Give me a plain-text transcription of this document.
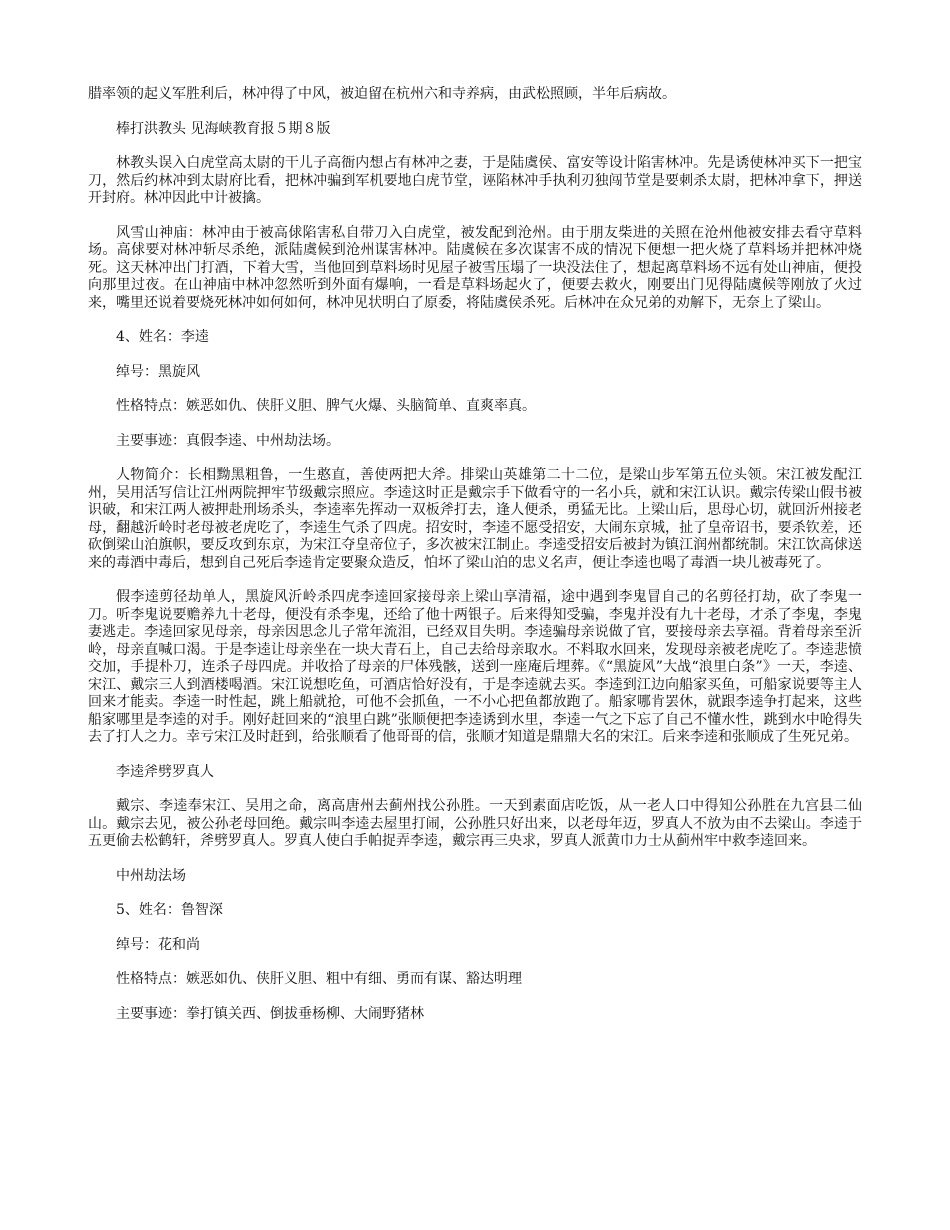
腊率领的起义军胜利后，林冲得了中风，被迫留在杭州六和寺养病，由武松照顾，半年后病故。

棒打洪教头 见海峡教育报５期８版

林教头误入白虎堂高太尉的干儿子高衙内想占有林冲之妻，于是陆虞侯、富安等设计陷害林冲。先是诱使林冲买下一把宝刀，然后约林冲到太尉府比看，把林冲骗到军机要地白虎节堂，诬陷林冲手执利刃独闯节堂是要刺杀太尉，把林冲拿下，押送开封府。林冲因此中计被擒。

风雪山神庙：林冲由于被高俅陷害私自带刀入白虎堂，被发配到沧州。由于朋友柴进的关照在沧州他被安排去看守草料场。高俅要对林冲斩尽杀绝，派陆虞候到沧州谋害林冲。陆虞候在多次谋害不成的情况下便想一把火烧了草料场并把林冲烧死。这天林冲出门打酒，下着大雪，当他回到草料场时见屋子被雪压塌了一块没法住了，想起离草料场不远有处山神庙，便投向那里过夜。在山神庙中林冲忽然听到外面有爆响，一看是草料场起火了，便要去救火，刚要出门见得陆虞候等刚放了火过来，嘴里还说着要烧死林冲如何如何，林冲见状明白了原委，将陆虞侯杀死。后林冲在众兄弟的劝解下，无奈上了梁山。

4、姓名：李逵

绰号：黑旋风

性格特点：嫉恶如仇、侠肝义胆、脾气火爆、头脑简单、直爽率真。

主要事迹：真假李逵、中州劫法场。

人物简介：长相黝黑粗鲁，一生憨直，善使两把大斧。排梁山英雄第二十二位，是梁山步军第五位头领。宋江被发配江州，吴用活写信让江州两院押牢节级戴宗照应。李逵这时正是戴宗手下做看守的一名小兵，就和宋江认识。戴宗传梁山假书被识破，和宋江两人被押赴刑场杀头，李逵率先挥动一双板斧打去，逢人便杀，勇猛无比。上梁山后，思母心切，就回沂州接老母，翻越沂岭时老母被老虎吃了，李逵生气杀了四虎。招安时，李逵不愿受招安，大闹东京城，扯了皇帝诏书，要杀钦差，还砍倒梁山泊旗帜，要反攻到东京，为宋江夺皇帝位子，多次被宋江制止。李逵受招安后被封为镇江润州都统制。宋江饮高俅送来的毒酒中毒后，想到自己死后李逵肯定要聚众造反，怕坏了梁山泊的忠义名声，便让李逵也喝了毒酒一块儿被毒死了。

假李逵剪径劫单人，黑旋风沂岭杀四虎李逵回家接母亲上梁山享清福，途中遇到李鬼冒自己的名剪径打劫，砍了李鬼一刀。听李鬼说要赡养九十老母，便没有杀李鬼，还给了他十两银子。后来得知受骗，李鬼并没有九十老母，才杀了李鬼，李鬼妻逃走。李逵回家见母亲，母亲因思念儿子常年流泪，已经双目失明。李逵骗母亲说做了官，要接母亲去享福。背着母亲至沂岭，母亲直喊口渴。于是李逵让母亲坐在一块大青石上，自己去给母亲取水。不料取水回来，发现母亲被老虎吃了。李逵悲愤交加，手提朴刀，连杀子母四虎。并收拾了母亲的尸体残骸，送到一座庵后埋葬。《“黑旋风”大战“浪里白条”》一天，李逵、宋江、戴宗三人到酒楼喝酒。宋江说想吃鱼，可酒店恰好没有，于是李逵就去买。李逵到江边向船家买鱼，可船家说要等主人回来才能卖。李逵一时性起，跳上船就抢，可他不会抓鱼，一不小心把鱼都放跑了。船家哪肯罢休，就跟李逵争打起来，这些船家哪里是李逵的对手。刚好赶回来的“浪里白跳”张顺便把李逵诱到水里，李逵一气之下忘了自己不懂水性，跳到水中呛得失去了打人之力。幸亏宋江及时赶到，给张顺看了他哥哥的信，张顺才知道是鼎鼎大名的宋江。后来李逵和张顺成了生死兄弟。

李逵斧劈罗真人

戴宗、李逵奉宋江、吴用之命，离高唐州去蓟州找公孙胜。一天到素面店吃饭，从一老人口中得知公孙胜在九宫县二仙山。戴宗去见，被公孙老母回绝。戴宗叫李逵去屋里打闹，公孙胜只好出来，以老母年迈，罗真人不放为由不去梁山。李逵于五更偷去松鹤轩，斧劈罗真人。罗真人使白手帕捉弄李逵，戴宗再三央求，罗真人派黄巾力士从蓟州牢中救李逵回来。

中州劫法场

5、姓名：鲁智深

绰号：花和尚

性格特点：嫉恶如仇、侠肝义胆、粗中有细、勇而有谋、豁达明理

主要事迹：拳打镇关西、倒拔垂杨柳、大闹野猪林
